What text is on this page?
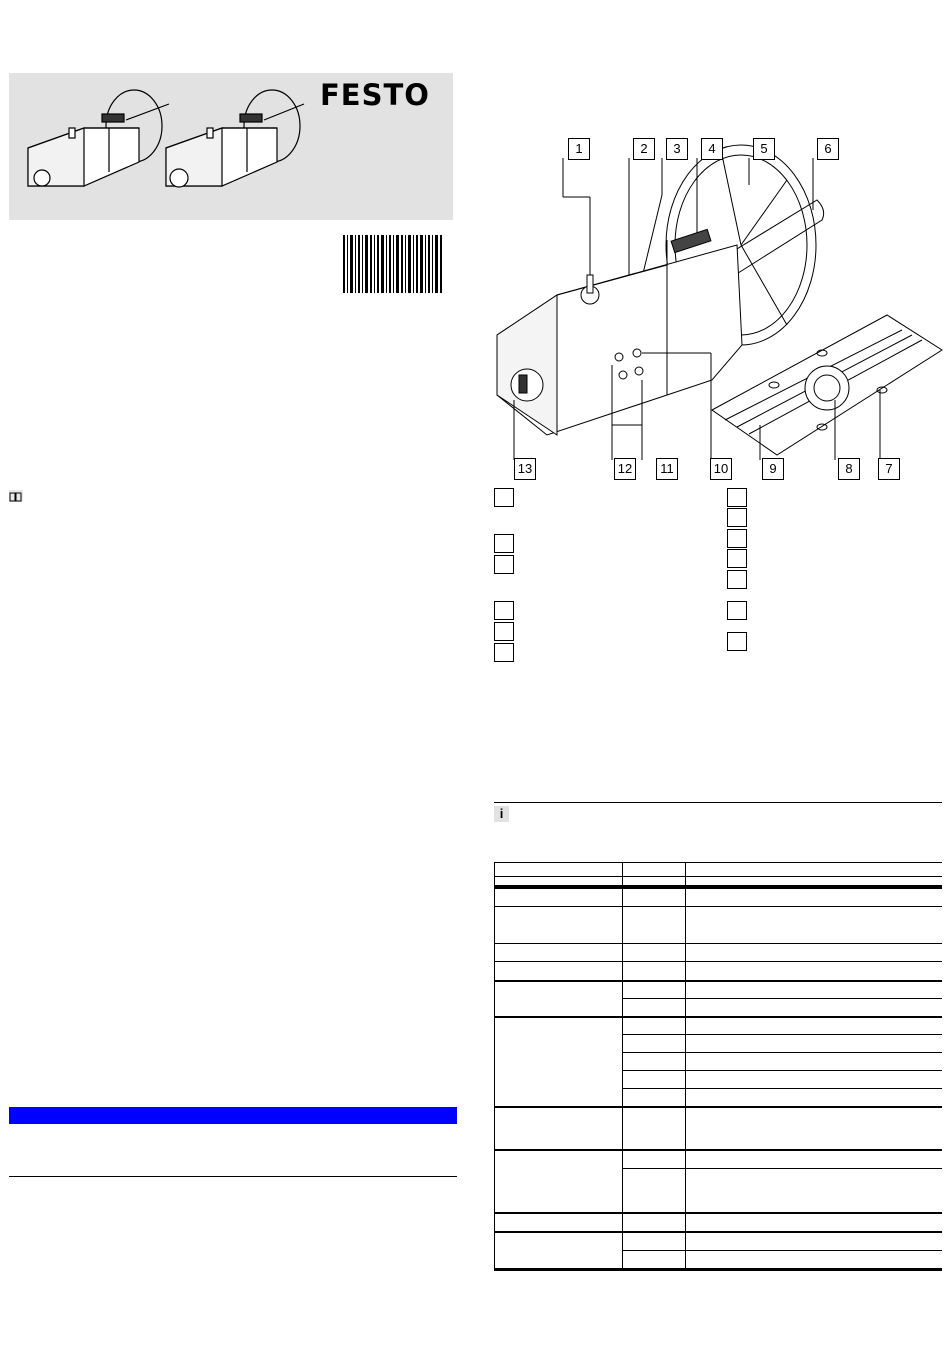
FESTO
1	2	3	4	5	6
7
8
9
10
11
12
13
i
